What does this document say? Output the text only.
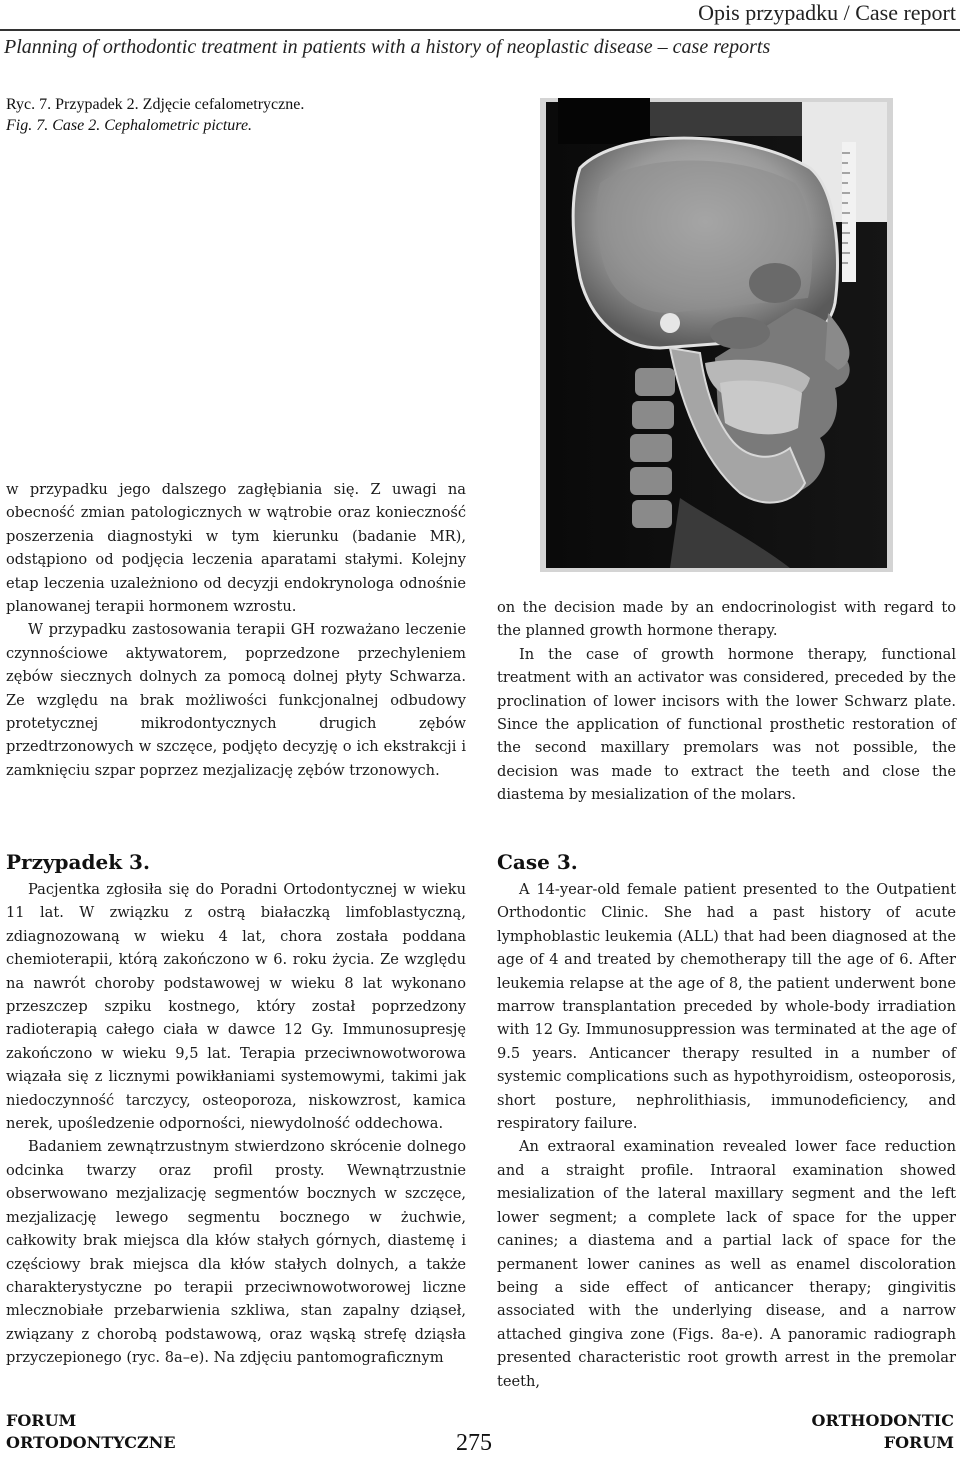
Opis przypadku / Case report
Planning of orthodontic treatment in patients with a history of neoplastic disease – case reports
Ryc. 7. Przypadek 2. Zdjęcie cefalometryczne.
Fig. 7. Case 2. Cephalometric picture.

w przypadku jego dalszego zagłębiania się. Z uwagi na obecność zmian patologicznych w wątrobie oraz konieczność poszerzenia diagnostyki w tym kierunku (badanie MR), odstąpiono od podjęcia leczenia aparatami stałymi. Kolejny etap leczenia uzależniono od decyzji endokrynologa odnośnie planowanej terapii hormonem wzrostu.

W przypadku zastosowania terapii GH rozważano leczenie czynnościowe aktywatorem, poprzedzone przechyleniem zębów siecznych dolnych za pomocą dolnej płyty Schwarza. Ze względu na brak możliwości funkcjonalnej odbudowy protetycznej mikrodontycznych drugich zębów przedtrzonowych w szczęce, podjęto decyzję o ich ekstrakcji i zamknięciu szpar poprzez mezjalizację zębów trzonowych.

on the decision made by an endocrinologist with regard to the planned growth hormone therapy.

In the case of growth hormone therapy, functional treatment with an activator was considered, preceded by the proclination of lower incisors with the lower Schwarz plate. Since the application of functional prosthetic restoration of the second maxillary premolars was not possible, the decision was made to extract the teeth and close the diastema by mesialization of the molars.

Przypadek 3.

Pacjentka zgłosiła się do Poradni Ortodontycznej w wieku 11 lat. W związku z ostrą białaczką limfoblastyczną, zdiagnozowaną w wieku 4 lat, chora została poddana chemioterapii, którą zakończono w 6. roku życia. Ze względu na nawrót choroby podstawowej w wieku 8 lat wykonano przeszczep szpiku kostnego, który został poprzedzony radioterapią całego ciała w dawce 12 Gy. Immunosupresję zakończono w wieku 9,5 lat. Terapia przeciwnowotworowa wiązała się z licznymi powikłaniami systemowymi, takimi jak niedoczynność tarczycy, osteoporoza, niskowzrost, kamica nerek, upośledzenie odporności, niewydolność oddechowa.

Badaniem zewnątrzustnym stwierdzono skrócenie dolnego odcinka twarzy oraz profil prosty. Wewnątrzustnie obserwowano mezjalizację segmentów bocznych w szczęce, mezjalizację lewego segmentu bocznego w żuchwie, całkowity brak miejsca dla kłów stałych górnych, diastemę i częściowy brak miejsca dla kłów stałych dolnych, a także charakterystyczne po terapii przeciwnowotworowej liczne mlecznobiałe przebarwienia szkliwa, stan zapalny dziąseł, związany z chorobą podstawową, oraz wąską strefę dziąsła przyczepionego (ryc. 8a–e). Na zdjęciu pantomograficznym

Case 3.

A 14-year-old female patient presented to the Outpatient Orthodontic Clinic. She had a past history of acute lymphoblastic leukemia (ALL) that had been diagnosed at the age of 4 and treated by chemotherapy till the age of 6. After leukemia relapse at the age of 8, the patient underwent bone marrow transplantation preceded by whole-body irradiation with 12 Gy. Immunosuppression was terminated at the age of 9.5 years. Anticancer therapy resulted in a number of systemic complications such as hypothyroidism, osteoporosis, short posture, nephrolithiasis, immunodeficiency, and respiratory failure.

An extraoral examination revealed lower face reduction and a straight profile. Intraoral examination showed mesialization of the lateral maxillary segment and the left lower segment; a complete lack of space for the upper canines; a diastema and a partial lack of space for the permanent lower canines as well as enamel discoloration being a side effect of anticancer therapy; gingivitis associated with the underlying disease, and a narrow attached gingiva zone (Figs. 8a-e). A panoramic radiograph presented characteristic root growth arrest in the premolar teeth,

FORUM
ORTODONTYCZNE	275
ORTHODONTIC
FORUM
